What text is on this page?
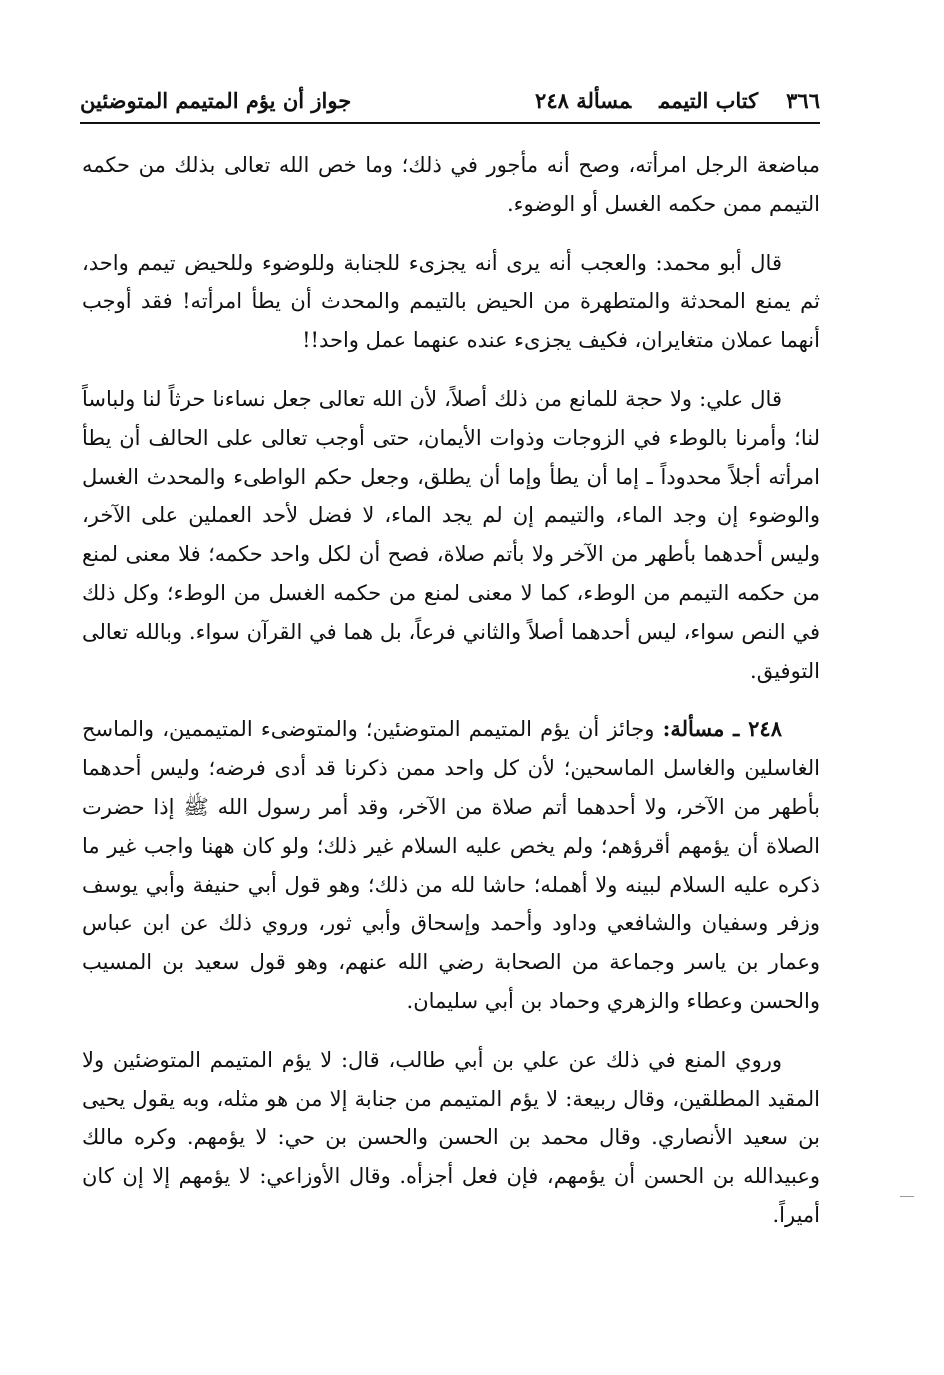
٣٦٦كتاب التيمممسألة ٢٤٨
جواز أن يؤم المتيمم المتوضئين

مباضعة الرجل امرأته، وصح أنه مأجور في ذلك؛ وما خص الله تعالى بذلك من حكمه التيمم ممن حكمه الغسل أو الوضوء.

قال أبو محمد: والعجب أنه يرى أنه يجزىء للجنابة وللوضوء وللحيض تيمم واحد، ثم يمنع المحدثة والمتطهرة من الحيض بالتيمم والمحدث أن يطأ امرأته! فقد أوجب أنهما عملان متغايران، فكيف يجزىء عنده عنهما عمل واحد!!

قال علي: ولا حجة للمانع من ذلك أصلاً، لأن الله تعالى جعل نساءنا حرثاً لنا ولباساً لنا؛ وأمرنا بالوطء في الزوجات وذوات الأيمان، حتى أوجب تعالى على الحالف أن يطأ امرأته أجلاً محدوداً ـ إما أن يطأ وإما أن يطلق، وجعل حكم الواطىء والمحدث الغسل والوضوء إن وجد الماء، والتيمم إن لم يجد الماء، لا فضل لأحد العملين على الآخر، وليس أحدهما بأطهر من الآخر ولا بأتم صلاة، فصح أن لكل واحد حكمه؛ فلا معنى لمنع من حكمه التيمم من الوطء، كما لا معنى لمنع من حكمه الغسل من الوطء؛ وكل ذلك في النص سواء، ليس أحدهما أصلاً والثاني فرعاً، بل هما في القرآن سواء. وبالله تعالى التوفيق.

٢٤٨ ـ مسألة: وجائز أن يؤم المتيمم المتوضئين؛ والمتوضىء المتيممين، والماسح الغاسلين والغاسل الماسحين؛ لأن كل واحد ممن ذكرنا قد أدى فرضه؛ وليس أحدهما بأطهر من الآخر، ولا أحدهما أتم صلاة من الآخر، وقد أمر رسول الله ﷺ إذا حضرت الصلاة أن يؤمهم أقرؤهم؛ ولم يخص عليه السلام غير ذلك؛ ولو كان ههنا واجب غير ما ذكره عليه السلام لبينه ولا أهمله؛ حاشا لله من ذلك؛ وهو قول أبي حنيفة وأبي يوسف وزفر وسفيان والشافعي وداود وأحمد وإسحاق وأبي ثور، وروي ذلك عن ابن عباس وعمار بن ياسر وجماعة من الصحابة رضي الله عنهم، وهو قول سعيد بن المسيب والحسن وعطاء والزهري وحماد بن أبي سليمان.

وروي المنع في ذلك عن علي بن أبي طالب، قال: لا يؤم المتيمم المتوضئين ولا المقيد المطلقين، وقال ربيعة: لا يؤم المتيمم من جنابة إلا من هو مثله، وبه يقول يحيى بن سعيد الأنصاري. وقال محمد بن الحسن والحسن بن حي: لا يؤمهم. وكره مالك وعبيدالله بن الحسن أن يؤمهم، فإن فعل أجزأه. وقال الأوزاعي: لا يؤمهم إلا إن كان أميراً.
